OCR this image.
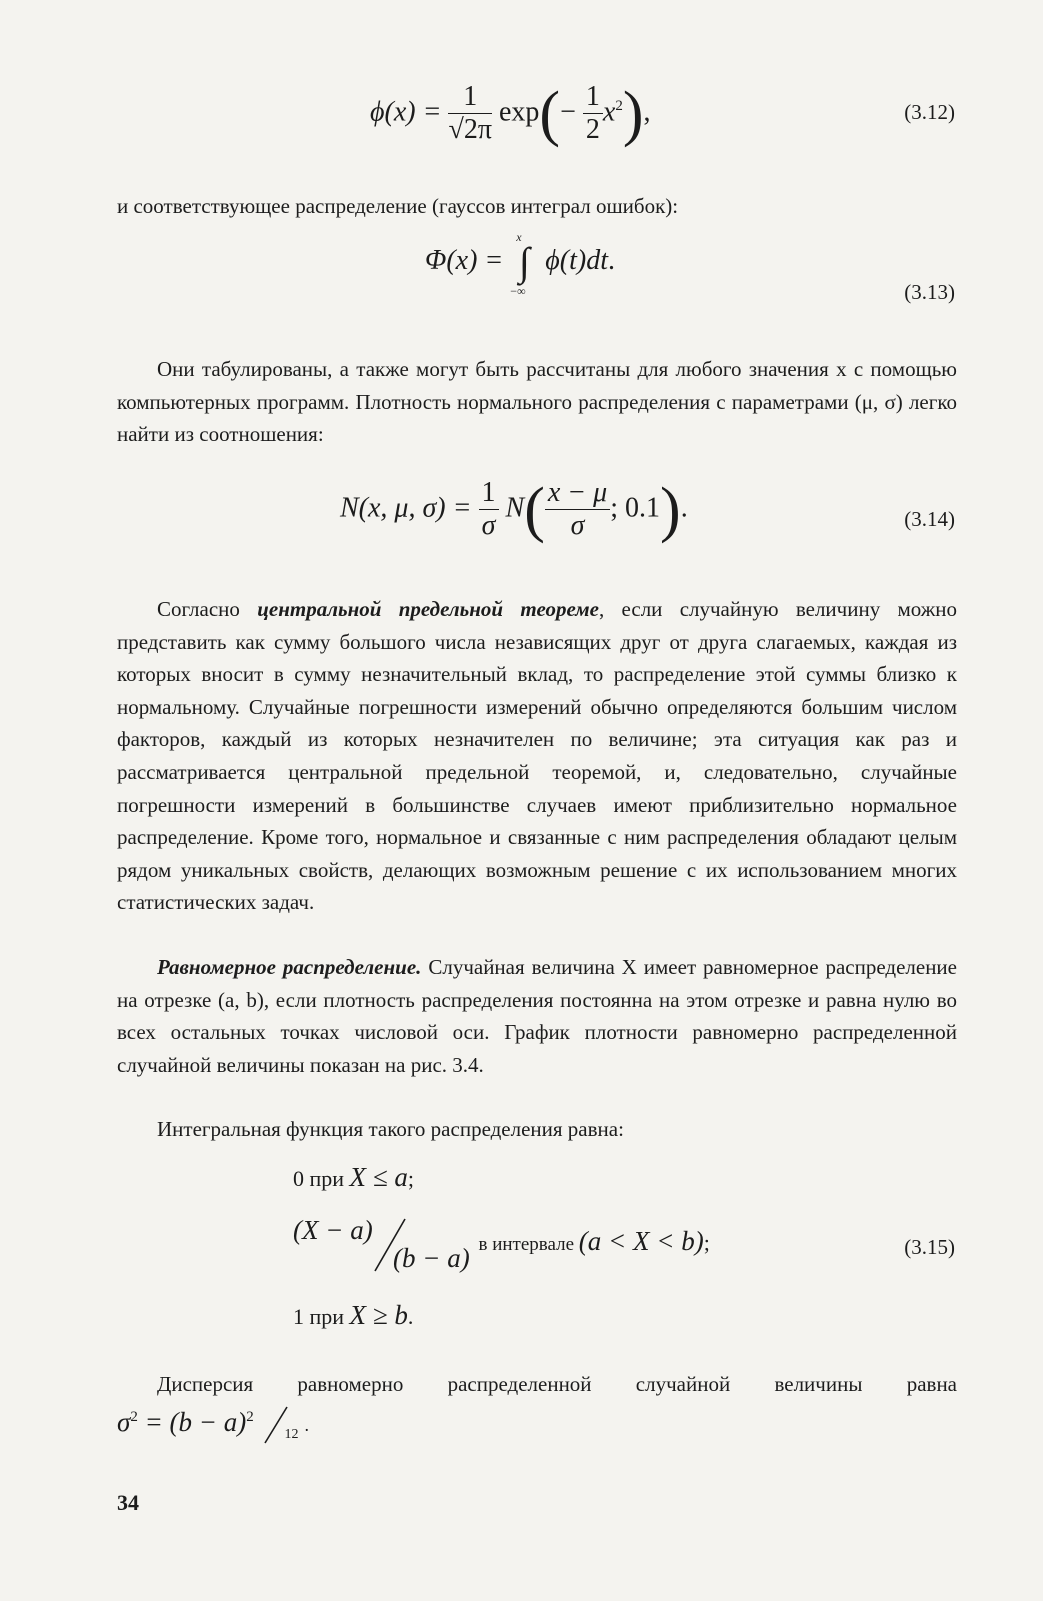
$\phi(x) = \frac{1}{√2\pi} \exp(- \frac{1}{2} x^2)$,	(3.12)

и соответствующее распределение (гауссов интеграл ошибок):

Φ(x) =
x
∫
−∞
ϕ(t)dt.
(3.13)

Они табулированы, а также могут быть рассчитаны для любого значения x с помощью компьютерных программ. Плотность нормального распределения с параметрами (μ, σ) легко найти из соотношения:

N(x, μ, $\sigma) = \frac{1}{\sigma} N( \frac{x - \mu}{\sigma}$ ; 0.1).	(3.14)

Согласно центральной предельной теореме, если случайную величину можно представить как сумму большого числа независящих друг от друга слагаемых, каждая из которых вносит в сумму незначительный вклад, то распределение этой суммы близко к нормальному. Случайные погрешности измерений обычно определяются большим числом факторов, каждый из которых незначителен по величине; эта ситуация как раз и рассматривается центральной предельной теоремой, и, следовательно, случайные погрешности измерений в большинстве случаев имеют приблизительно нормальное распределение. Кроме того, нормальное и связанные с ним распределения обладают целым рядом уникальных свойств, делающих возможным решение с их использованием многих статистических задач.

Равномерное распределение. Случайная величина X имеет равномерное распределение на отрезке (a, b), если плотность распределения постоянна на этом отрезке и равна нулю во всех остальных точках числовой оси. График плотности равномерно распределенной случайной величины показан на рис. 3.4.

Интегральная функция такого распределения равна:

0 при X ≤ a;
(X − a)
(b − a) в интервале (a < X < b);	(3.15)
1 при X ≥ b.

Дисперсия равномерно распределенной случайной величины равна

$\sigma^2 = (b - a)^2$
12 .
34
